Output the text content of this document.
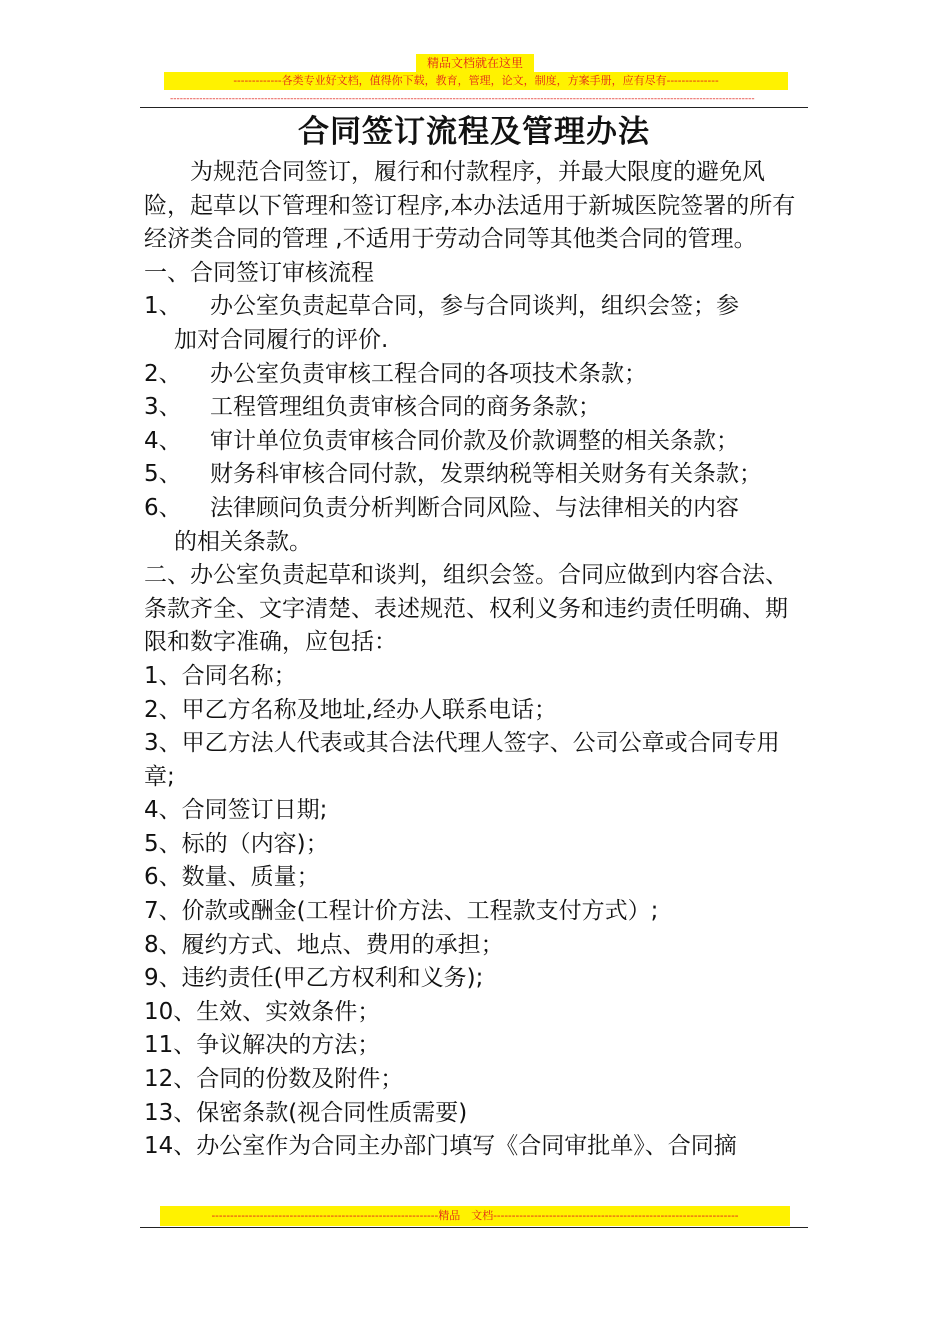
精品文档就在这里
-------------各类专业好文档，值得你下载，教育，管理，论文，制度，方案手册，应有尽有--------------
------------------------------------------------------------------------------------------------------------------------------------------------------------------------------------
合同签订流程及管理办法

为规范合同签订，履行和付款程序，并最大限度的避免风险，起草以下管理和签订程序,本办法适用于新城医院签署的所有经济类合同的管理 ,不适用于劳动合同等其他类合同的管理。

一、合同签订审核流程

1、	办公室负责起草合同，参与合同谈判，组织会签；参

加对合同履行的评价.

2、	办公室负责审核工程合同的各项技术条款；
3、	工程管理组负责审核合同的商务条款；
4、	审计单位负责审核合同价款及价款调整的相关条款；
5、	财务科审核合同付款，发票纳税等相关财务有关条款；
6、	法律顾问负责分析判断合同风险、与法律相关的内容

的相关条款。

二、办公室负责起草和谈判，组织会签。合同应做到内容合法、条款齐全、文字清楚、表述规范、权利义务和违约责任明确、期限和数字准确，应包括：

1、合同名称；

2、甲乙方名称及地址,经办人联系电话；

3、甲乙方法人代表或其合法代理人签字、公司公章或合同专用章;

4、合同签订日期;

5、标的（内容)；

6、数量、质量；

7、价款或酬金(工程计价方法、工程款支付方式）;

8、履约方式、地点、费用的承担；

9、违约责任(甲乙方权利和义务);

10、生效、实效条件；

11、争议解决的方法；

12、合同的份数及附件；

13、保密条款(视合同性质需要)

14、办公室作为合同主办部门填写《合同审批单》、合同摘

-------------------------------------------------------------精品　文档------------------------------------------------------------------
